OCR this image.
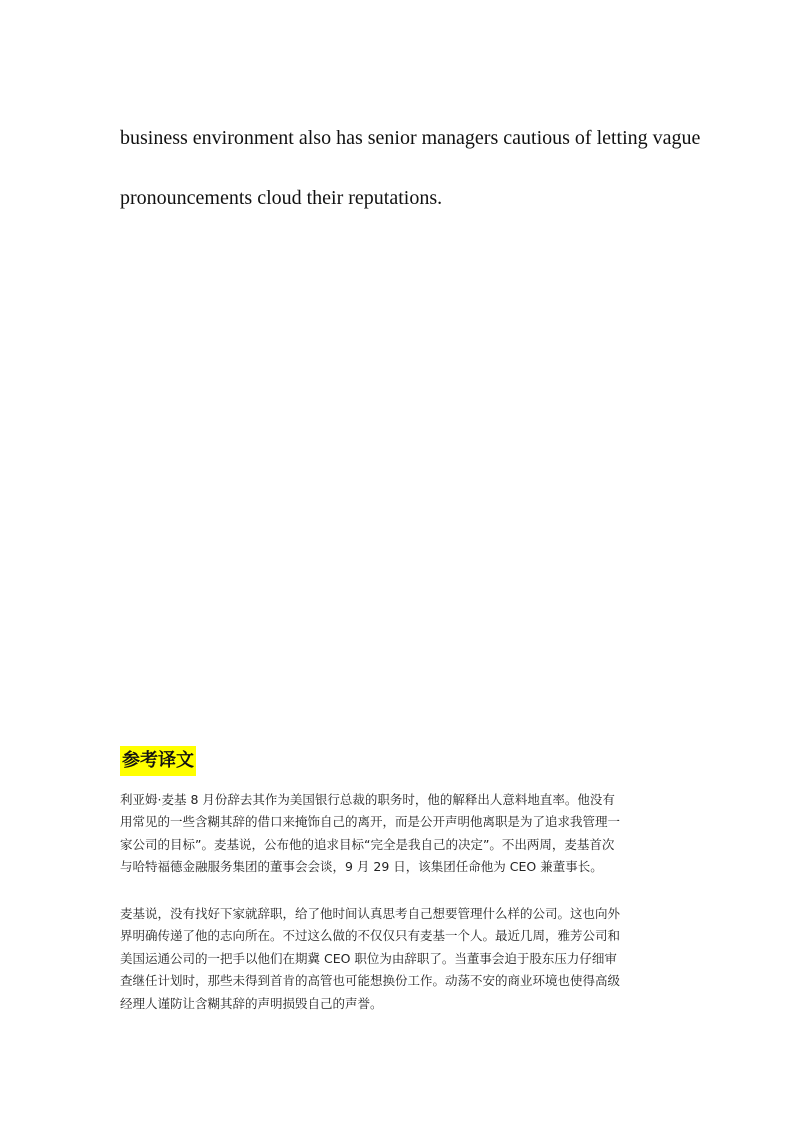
business environment also has senior managers cautious of letting vague
pronouncements cloud their reputations.
参考译文
利亚姆·麦基 8 月份辞去其作为美国银行总裁的职务时，他的解释出人意料地直率。他没有
用常见的一些含糊其辞的借口来掩饰自己的离开，而是公开声明他离职是为了追求我管理一
家公司的目标”。麦基说，公布他的追求目标“完全是我自己的决定”。不出两周，麦基首次
与哈特福德金融服务集团的董事会会谈，9 月 29 日，该集团任命他为 CEO 兼董事长。
麦基说，没有找好下家就辞职，给了他时间认真思考自己想要管理什么样的公司。这也向外
界明确传递了他的志向所在。不过这么做的不仅仅只有麦基一个人。最近几周，雅芳公司和
美国运通公司的一把手以他们在期冀 CEO 职位为由辞职了。当董事会迫于股东压力仔细审
查继任计划时，那些未得到首肯的高管也可能想换份工作。动荡不安的商业环境也使得高级
经理人谨防让含糊其辞的声明损毁自己的声誉。
